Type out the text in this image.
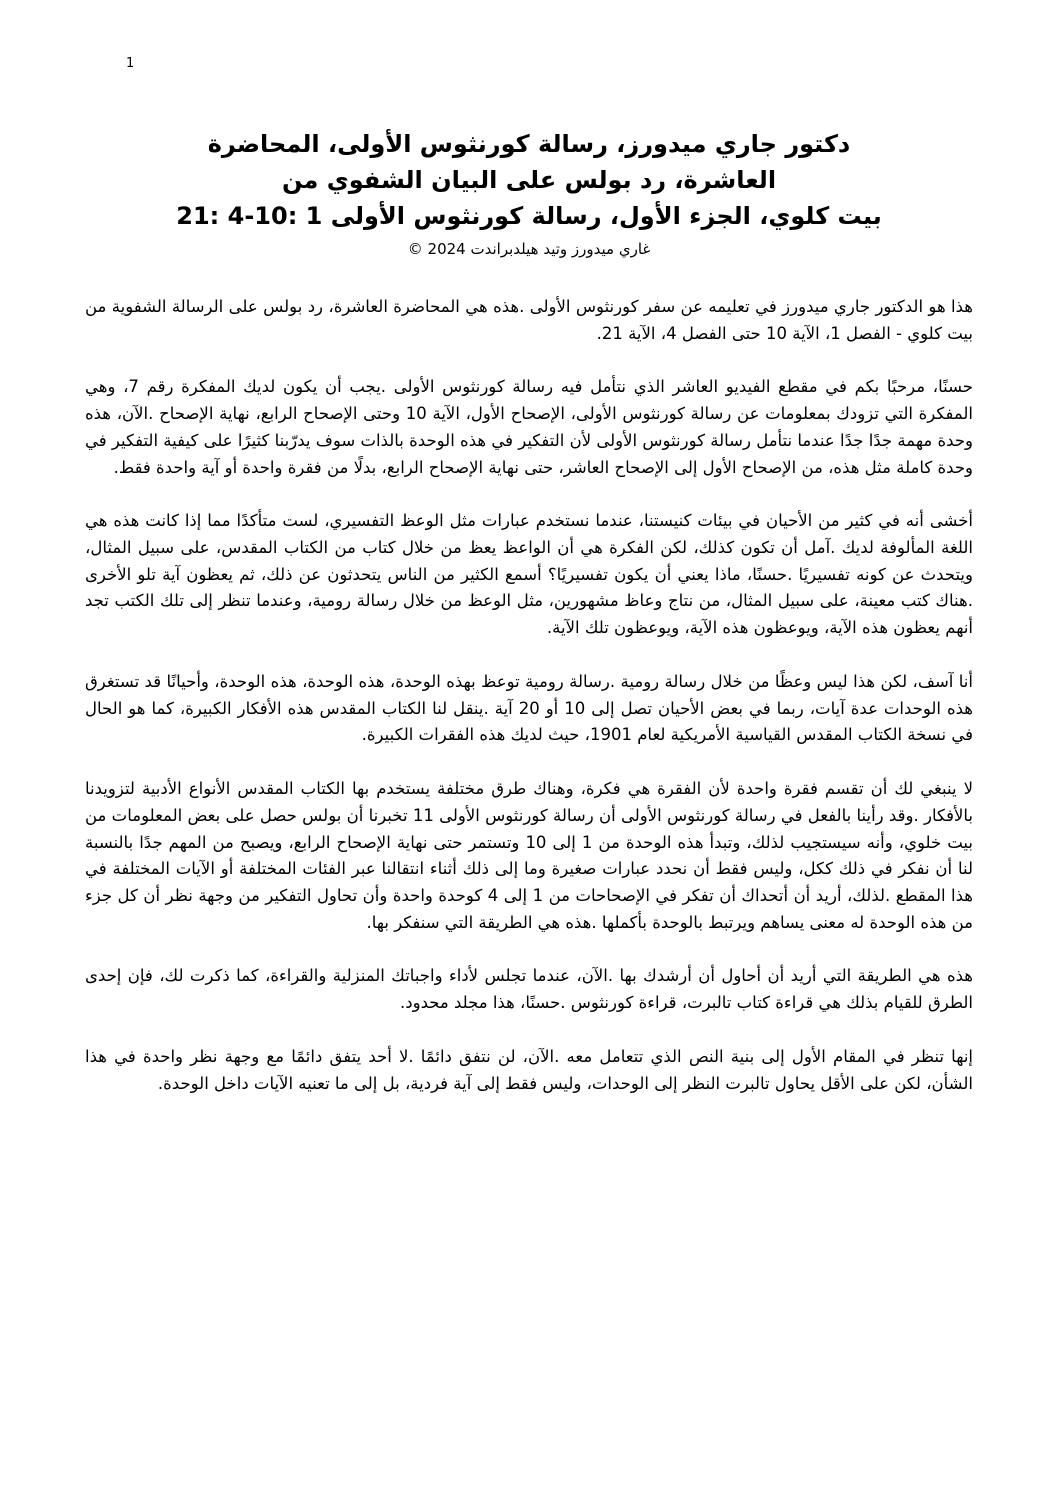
1
دكتور جاري ميدورز، رسالة كورنثوس الأولى، المحاضرة
العاشرة، رد بولس على البيان الشفوي من
بيت كلوي، الجزء الأول، رسالة كورنثوس الأولى 1 :10-4 :21
غاري ميدورز وتيد هيلدبراندت 2024 ©

هذا هو الدكتور جاري ميدورز في تعليمه عن سفر كورنثوس الأولى .هذه هي المحاضرة العاشرة، رد بولس على الرسالة الشفوية من بيت كلوي - الفصل 1، الآية 10 حتى الفصل 4، الآية 21.

حسنًا، مرحبًا بكم في مقطع الفيديو العاشر الذي نتأمل فيه رسالة كورنثوس الأولى .يجب أن يكون لديك المفكرة رقم 7، وهي المفكرة التي تزودك بمعلومات عن رسالة كورنثوس الأولى، الإصحاح الأول، الآية 10 وحتى الإصحاح الرابع، نهاية الإصحاح .الآن، هذه وحدة مهمة جدًا جدًا عندما نتأمل رسالة كورنثوس الأولى لأن التفكير في هذه الوحدة بالذات سوف يدرّبنا كثيرًا على كيفية التفكير في وحدة كاملة مثل هذه، من الإصحاح الأول إلى الإصحاح العاشر، حتى نهاية الإصحاح الرابع، بدلًا من فقرة واحدة أو آية واحدة فقط.

أخشى أنه في كثير من الأحيان في بيئات كنيستنا، عندما نستخدم عبارات مثل الوعظ التفسيري، لست متأكدًا مما إذا كانت هذه هي اللغة المألوفة لديك .آمل أن تكون كذلك، لكن الفكرة هي أن الواعظ يعظ من خلال كتاب من الكتاب المقدس، على سبيل المثال، ويتحدث عن كونه تفسيريًا .حسنًا، ماذا يعني أن يكون تفسيريًا؟ أسمع الكثير من الناس يتحدثون عن ذلك، ثم يعظون آية تلو الأخرى .هناك كتب معينة، على سبيل المثال، من نتاج وعاظ مشهورين، مثل الوعظ من خلال رسالة رومية، وعندما تنظر إلى تلك الكتب تجد أنهم يعظون هذه الآية، ويوعظون هذه الآية، ويوعظون تلك الآية.

أنا آسف، لكن هذا ليس وعظًا من خلال رسالة رومية .رسالة رومية توعظ بهذه الوحدة، هذه الوحدة، هذه الوحدة، وأحيانًا قد تستغرق هذه الوحدات عدة آيات، ربما في بعض الأحيان تصل إلى 10 أو 20 آية .ينقل لنا الكتاب المقدس هذه الأفكار الكبيرة، كما هو الحال في نسخة الكتاب المقدس القياسية الأمريكية لعام 1901، حيث لديك هذه الفقرات الكبيرة.

لا ينبغي لك أن تقسم فقرة واحدة لأن الفقرة هي فكرة، وهناك طرق مختلفة يستخدم بها الكتاب المقدس الأنواع الأدبية لتزويدنا بالأفكار .وقد رأينا بالفعل في رسالة كورنثوس الأولى أن رسالة كورنثوس الأولى 11 تخبرنا أن بولس حصل على بعض المعلومات من بيت خلوي، وأنه سيستجيب لذلك، وتبدأ هذه الوحدة من 1 إلى 10 وتستمر حتى نهاية الإصحاح الرابع، ويصبح من المهم جدًا بالنسبة لنا أن نفكر في ذلك ككل، وليس فقط أن نحدد عبارات صغيرة وما إلى ذلك أثناء انتقالنا عبر الفئات المختلفة أو الآيات المختلفة في هذا المقطع .لذلك، أريد أن أتحداك أن تفكر في الإصحاحات من 1 إلى 4 كوحدة واحدة وأن تحاول التفكير من وجهة نظر أن كل جزء من هذه الوحدة له معنى يساهم ويرتبط بالوحدة بأكملها .هذه هي الطريقة التي سنفكر بها.

هذه هي الطريقة التي أريد أن أحاول أن أرشدك بها .الآن، عندما تجلس لأداء واجباتك المنزلية والقراءة، كما ذكرت لك، فإن إحدى الطرق للقيام بذلك هي قراءة كتاب تالبرت، قراءة كورنثوس .حسنًا، هذا مجلد محدود.

إنها تنظر في المقام الأول إلى بنية النص الذي تتعامل معه .الآن، لن نتفق دائمًا .لا أحد يتفق دائمًا مع وجهة نظر واحدة في هذا الشأن، لكن على الأقل يحاول تالبرت النظر إلى الوحدات، وليس فقط إلى آية فردية، بل إلى ما تعنيه الآيات داخل الوحدة.
